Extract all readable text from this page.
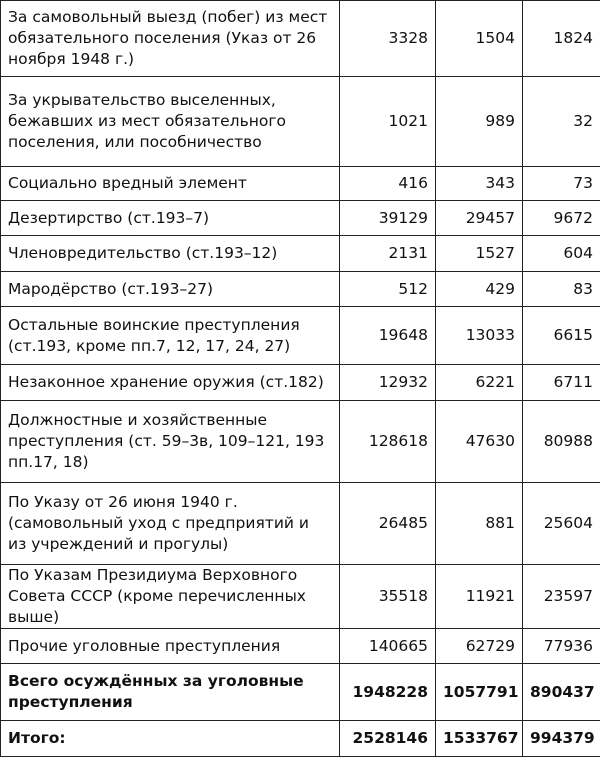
За самовольный выезд (побег) из мест обязательного поселения (Указ от 26 ноября 1948 г.)	3328	1504	1824
За укрывательство выселенных, бежавших из мест обязательного поселения, или пособничество	1021	989	32
Социально вредный элемент	416	343	73
Дезертирство (ст.193–7)	39129	29457	9672
Членовредительство (ст.193–12)	2131	1527	604
Мародёрство (ст.193–27)	512	429	83
Остальные воинские преступления (ст.193, кроме пп.7, 12, 17, 24, 27)	19648	13033	6615
Незаконное хранение оружия (ст.182)	12932	6221	6711
Должностные и хозяйственные преступления (ст. 59–3в, 109–121, 193 пп.17, 18)	128618	47630	80988
По Указу от 26 июня 1940 г. (самовольный уход с предприятий и из учреждений и прогулы)	26485	881	25604
По Указам Президиума Верховного Совета СССР (кроме перечисленных выше)	35518	11921	23597
Прочие уголовные преступления	140665	62729	77936
Всего осуждённых за уголовные преступления	1948228	1057791	890437
Итого:	2528146	1533767	994379
